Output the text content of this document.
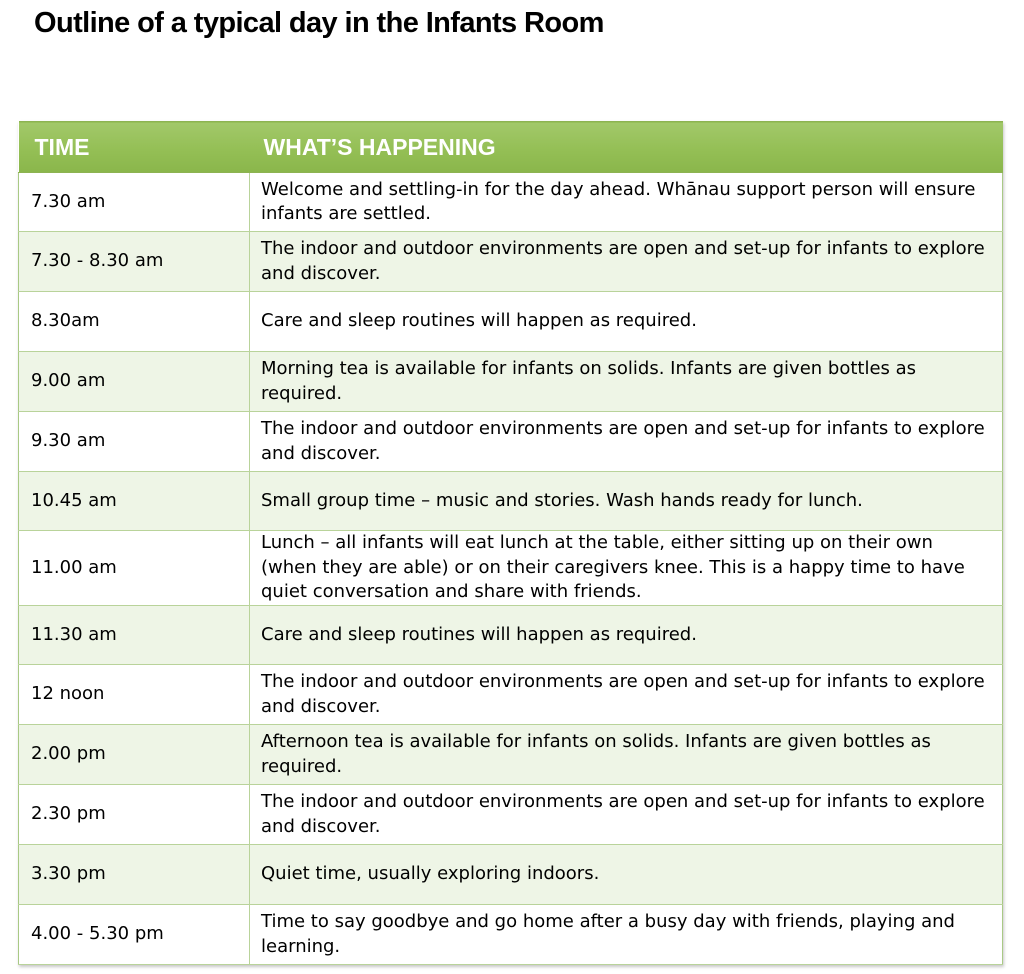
Outline of a typical day in the Infants Room
TIME	WHAT’S HAPPENING
7.30 am	Welcome and settling-in for the day ahead. Whānau support person will ensure infants are settled.
7.30 - 8.30 am	The indoor and outdoor environments are open and set-up for infants to explore and discover.
8.30am	Care and sleep routines will happen as required.
9.00 am	Morning tea is available for infants on solids. Infants are given bottles as required.
9.30 am	The indoor and outdoor environments are open and set-up for infants to explore and discover.
10.45 am	Small group time – music and stories. Wash hands ready for lunch.
11.00 am	Lunch – all infants will eat lunch at the table, either sitting up on their own (when they are able) or on their caregivers knee. This is a happy time to have quiet conversation and share with friends.
11.30 am	Care and sleep routines will happen as required.
12 noon	The indoor and outdoor environments are open and set-up for infants to explore and discover.
2.00 pm	Afternoon tea is available for infants on solids. Infants are given bottles as required.
2.30 pm	The indoor and outdoor environments are open and set-up for infants to explore and discover.
3.30 pm	Quiet time, usually exploring indoors.
4.00 - 5.30 pm	Time to say goodbye and go home after a busy day with friends, playing and learning.
